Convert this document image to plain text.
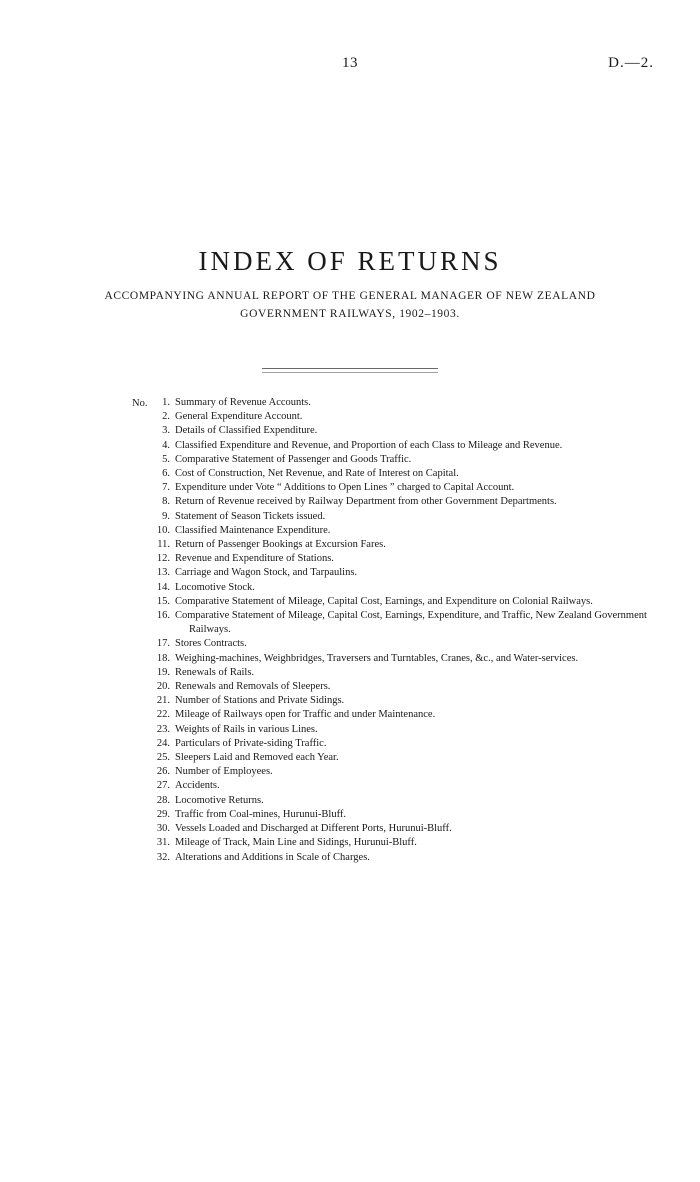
13	D.—2.
INDEX OF RETURNS
ACCOMPANYING ANNUAL REPORT OF THE GENERAL MANAGER OF NEW ZEALAND GOVERNMENT RAILWAYS, 1902–1903.
No.	1. Summary of Revenue Accounts.
2. General Expenditure Account.
3. Details of Classified Expenditure.
4. Classified Expenditure and Revenue, and Proportion of each Class to Mileage and Revenue.
5. Comparative Statement of Passenger and Goods Traffic.
6. Cost of Construction, Net Revenue, and Rate of Interest on Capital.
7. Expenditure under Vote “ Additions to Open Lines ” charged to Capital Account.
8. Return of Revenue received by Railway Department from other Government Departments.
9. Statement of Season Tickets issued.
10. Classified Maintenance Expenditure.
11. Return of Passenger Bookings at Excursion Fares.
12. Revenue and Expenditure of Stations.
13. Carriage and Wagon Stock, and Tarpaulins.
14. Locomotive Stock.
15. Comparative Statement of Mileage, Capital Cost, Earnings, and Expenditure on Colonial Railways.
16. Comparative Statement of Mileage, Capital Cost, Earnings, Expenditure, and Traffic, New Zealand Government Railways.
17. Stores Contracts.
18. Weighing-machines, Weighbridges, Traversers and Turntables, Cranes, &c., and Water-services.
19. Renewals of Rails.
20. Renewals and Removals of Sleepers.
21. Number of Stations and Private Sidings.
22. Mileage of Railways open for Traffic and under Maintenance.
23. Weights of Rails in various Lines.
24. Particulars of Private-siding Traffic.
25. Sleepers Laid and Removed each Year.
26. Number of Employees.
27. Accidents.
28. Locomotive Returns.
29. Traffic from Coal-mines, Hurunui-Bluff.
30. Vessels Loaded and Discharged at Different Ports, Hurunui-Bluff.
31. Mileage of Track, Main Line and Sidings, Hurunui-Bluff.
32. Alterations and Additions in Scale of Charges.
